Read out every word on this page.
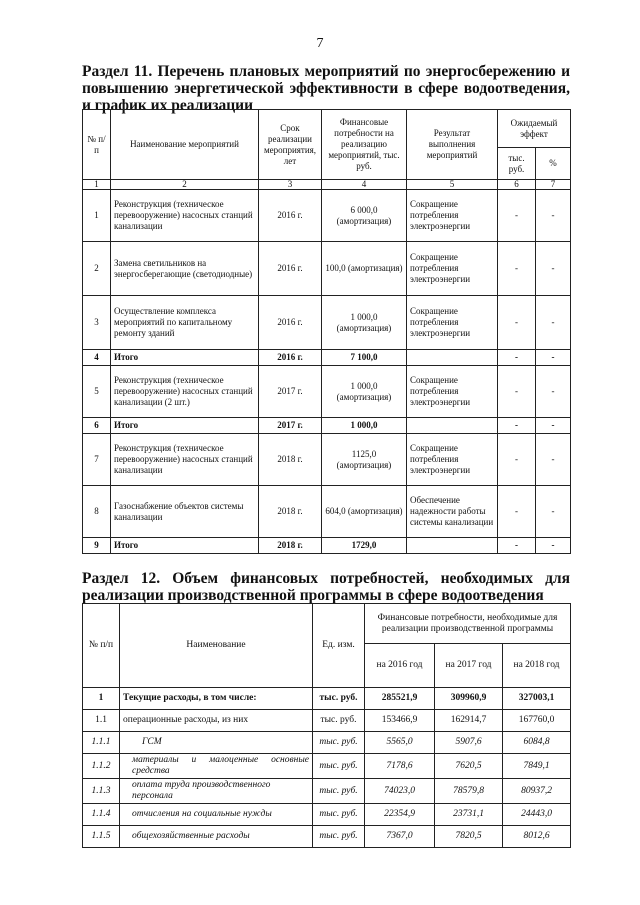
7
Раздел 11. Перечень плановых мероприятий по энергосбережению и повышению энергетической эффективности в сфере водоотведения, и график их реализации
№ п/п	Наименование мероприятий	Срок реализации мероприятия, лет	Финансовые потребности на реализацию мероприятий, тыс. руб.	Результат выполнения мероприятий	Ожидаемый эффект	
					тыс. руб.	%
1	2	3	4	5	6	7
1	Реконструкция (техническое перевооружение) насосных станций канализации	2016 г.	6 000,0 (амортизация)	Сокращение потребления электроэнергии	-	-
2	Замена светильников на энергосберегающие (светодиодные)	2016 г.	100,0 (амортизация)	Сокращение потребления электроэнергии	-	-
3	Осуществление комплекса мероприятий по капитальному ремонту зданий	2016 г.	1 000,0 (амортизация)	Сокращение потребления электроэнергии	-	-
4	Итого	2016 г.	7 100,0		-	-
5	Реконструкция (техническое перевооружение) насосных станций канализации (2 шт.)	2017 г.	1 000,0 (амортизация)	Сокращение потребления электроэнергии	-	-
6	Итого	2017 г.	1 000,0		-	-
7	Реконструкция (техническое перевооружение) насосных станций канализации	2018 г.	1125,0 (амортизация)	Сокращение потребления электроэнергии	-	-
8	Газоснабжение объектов системы канализации	2018 г.	604,0 (амортизация)	Обеспечение надежности работы системы канализации	-	-
9	Итого	2018 г.	1729,0		-	-
Раздел 12. Объем финансовых потребностей, необходимых для реализации производственной программы в сфере водоотведения
№ п/п	Наименование	Ед. изм.	Финансовые потребности, необходимые для реализации производственной программы		
			на 2016 год	на 2017 год	на 2018 год
1	Текущие расходы, в том числе:	тыс. руб.	285521,9	309960,9	327003,1
1.1	операционные расходы, из них	тыс. руб.	153466,9	162914,7	167760,0
1.1.1	ГСМ	тыс. руб.	5565,0	5907,6	6084,8
1.1.2	материалы и малоценные основные средства	тыс. руб.	7178,6	7620,5	7849,1
1.1.3	оплата труда производственного персонала	тыс. руб.	74023,0	78579,8	80937,2
1.1.4	отчисления на социальные нужды	тыс. руб.	22354,9	23731,1	24443,0
1.1.5	общехозяйственные расходы	тыс. руб.	7367,0	7820,5	8012,6
